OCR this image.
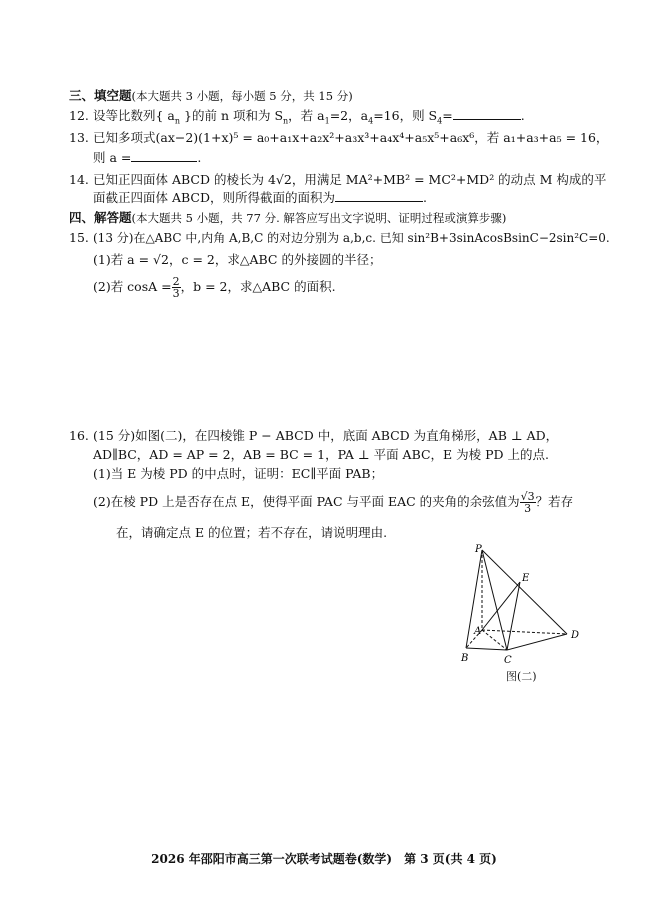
三、填空题(本大题共 3 小题，每小题 5 分，共 15 分)
12. 设等比数列{ $a_n$ }的前 n 项和为 $S_n$，若 $a_1=2$，$a_4=16$，则 $S_4=$	.
13. 已知多项式(ax−2)(1+x)⁵ = a₀+a₁x+a₂x²+a₃x³+a₄x⁴+a₅x⁵+a₆x⁶，若 a₁+a₃+a₅ = 16，
则 a =	.
14. 已知正四面体 ABCD 的棱长为 4√2，用满足 MA²+MB² = MC²+MD² 的动点 M 构成的平
面截正四面体 ABCD，则所得截面的面积为	.
四、解答题(本大题共 5 小题，共 77 分. 解答应写出文字说明、证明过程或演算步骤)
15. (13 分)在△ABC 中,内角 A,B,C 的对边分别为 a,b,c. 已知 sin²B+3sinAcosBsinC−2sin²C=0.
(1)若 a = √2，c = 2，求△ABC 的外接圆的半径；
(2)若 $\cos A = \frac{2}{3}$ ，b = 2，求△ABC 的面积.
16. (15 分)如图(二)，在四棱锥 P − ABCD 中，底面 ABCD 为直角梯形，AB ⊥ AD，
AD∥BC，AD = AP = 2，AB = BC = 1，PA ⊥ 平面 ABC，E 为棱 PD 上的点.
(1)当 E 为棱 PD 的中点时，证明：EC∥平面 PAB；
(2)在棱 PD 上是否存在点 E，使得平面 PAC 与平面 EAC 的夹角的余弦值为 $\frac{√3}{3}$ ？若存
在，请确定点 E 的位置；若不存在，请说明理由.
P
E
A
B	C
D
图(二)
2026 年邵阳市高三第一次联考试题卷(数学)　第 3 页(共 4 页)
